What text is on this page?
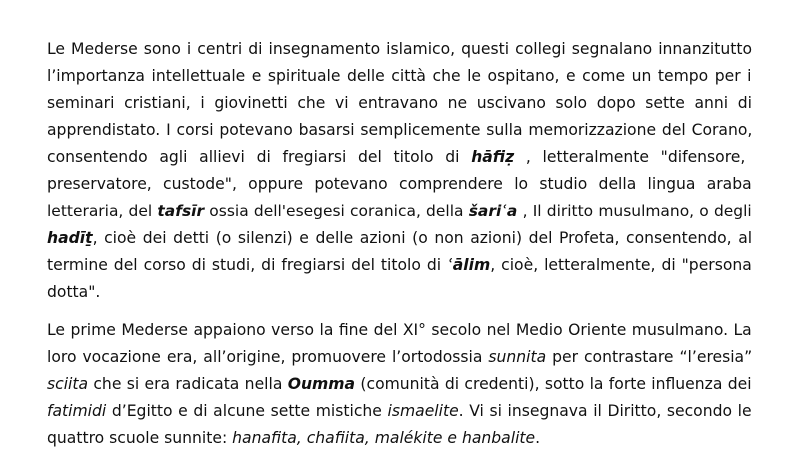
Le Mederse sono i centri di insegnamento islamico, questi collegi segnalano innanzitutto
l’importanza intellettuale e spirituale delle città che le ospitano, e come un tempo per i
seminari cristiani, i giovinetti che vi entravano ne uscivano solo dopo sette anni di
apprendistato. I corsi potevano basarsi semplicemente sulla memorizzazione del Corano,
consentendo agli allievi di fregiarsi del titolo di hāfiẓ , letteralmente "difensore,
preservatore, custode", oppure potevano comprendere lo studio della lingua araba
letteraria, del tafsīr ossia dell'esegesi coranica, della šariʿa , Il diritto musulmano, o degli
hadīṯ, cioè dei detti (o silenzi) e delle azioni (o non azioni) del Profeta, consentendo, al
termine del corso di studi, di fregiarsi del titolo di ʿālim, cioè, letteralmente, di "persona
dotta".
Le prime Mederse appaiono verso la fine del XI° secolo nel Medio Oriente musulmano. La
loro vocazione era, all’origine, promuovere l’ortodossia sunnita per contrastare “l’eresia”
sciita che si era radicata nella Oumma (comunità di credenti), sotto la forte influenza dei
fatimidi d’Egitto e di alcune sette mistiche ismaelite. Vi si insegnava il Diritto, secondo le
quattro scuole sunnite: hanafita, chafiita, malékite e hanbalite.
